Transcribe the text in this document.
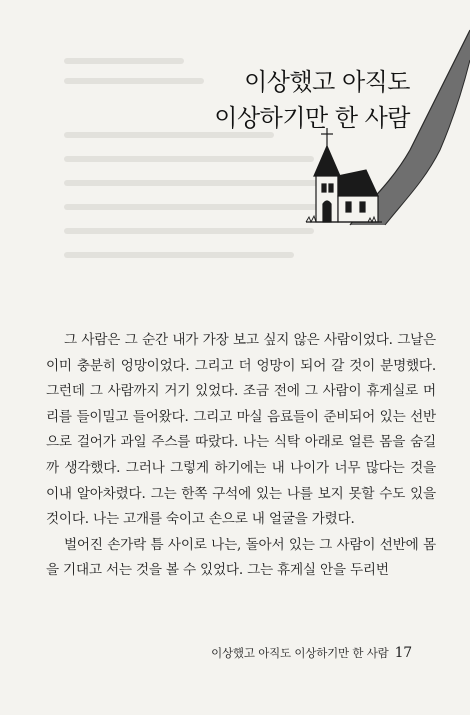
이상했고 아직도
이상하기만 한 사람

그 사람은 그 순간 내가 가장 보고 싶지 않은 사람이었다. 그날은 이미 충분히 엉망이었다. 그리고 더 엉망이 되어 갈 것이 분명했다. 그런데 그 사람까지 거기 있었다. 조금 전에 그 사람이 휴게실로 머리를 들이밀고 들어왔다. 그리고 마실 음료들이 준비되어 있는 선반으로 걸어가 과일 주스를 따랐다. 나는 식탁 아래로 얼른 몸을 숨길까 생각했다. 그러나 그렇게 하기에는 내 나이가 너무 많다는 것을 이내 알아차렸다. 그는 한쪽 구석에 있는 나를 보지 못할 수도 있을 것이다. 나는 고개를 숙이고 손으로 내 얼굴을 가렸다.

벌어진 손가락 틈 사이로 나는, 돌아서 있는 그 사람이 선반에 몸을 기대고 서는 것을 볼 수 있었다. 그는 휴게실 안을 두리번

이상했고 아직도 이상하기만 한 사람 17
